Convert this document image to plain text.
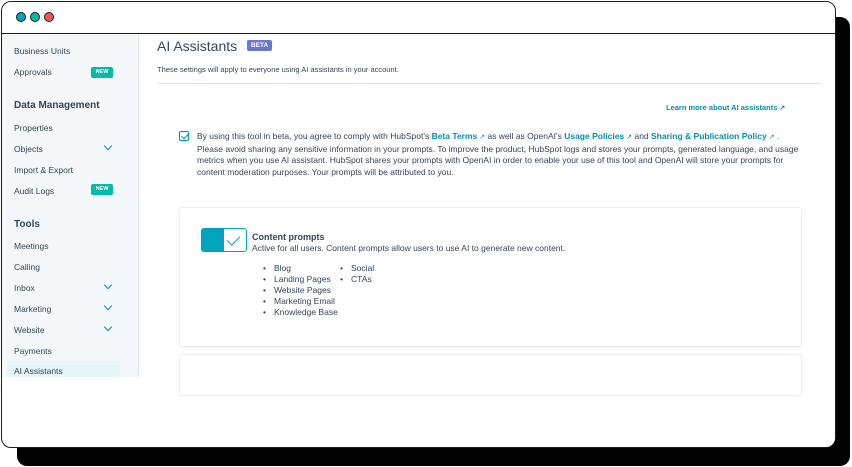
Business Units
Approvals	NEW
Data Management
Properties
Objects
Import & Export
Audit Logs	NEW
Tools
Meetings
Calling
Inbox
Marketing
Website
Payments
AI Assistants
AI Assistants	BETA
These settings will apply to everyone using AI assistants in your account.
Learn more about AI assistants ↗
By using this tool in beta, you agree to comply with HubSpot's Beta Terms ↗ as well as OpenAI's Usage Policies ↗ and Sharing & Publication Policy ↗ . Please avoid sharing any sensitive information in your prompts. To improve the product, HubSpot logs and stores your prompts, generated language, and usage metrics when you use AI assistant. HubSpot shares your prompts with OpenAI in order to enable your use of this tool and OpenAI will store your prompts for content moderation purposes. Your prompts will be attributed to you.
Content prompts
Active for all users. Content prompts allow users to use AI to generate new content.
• Blog
• Landing Pages
• Website Pages
• Marketing Email
• Knowledge Base
• Social
• CTAs
